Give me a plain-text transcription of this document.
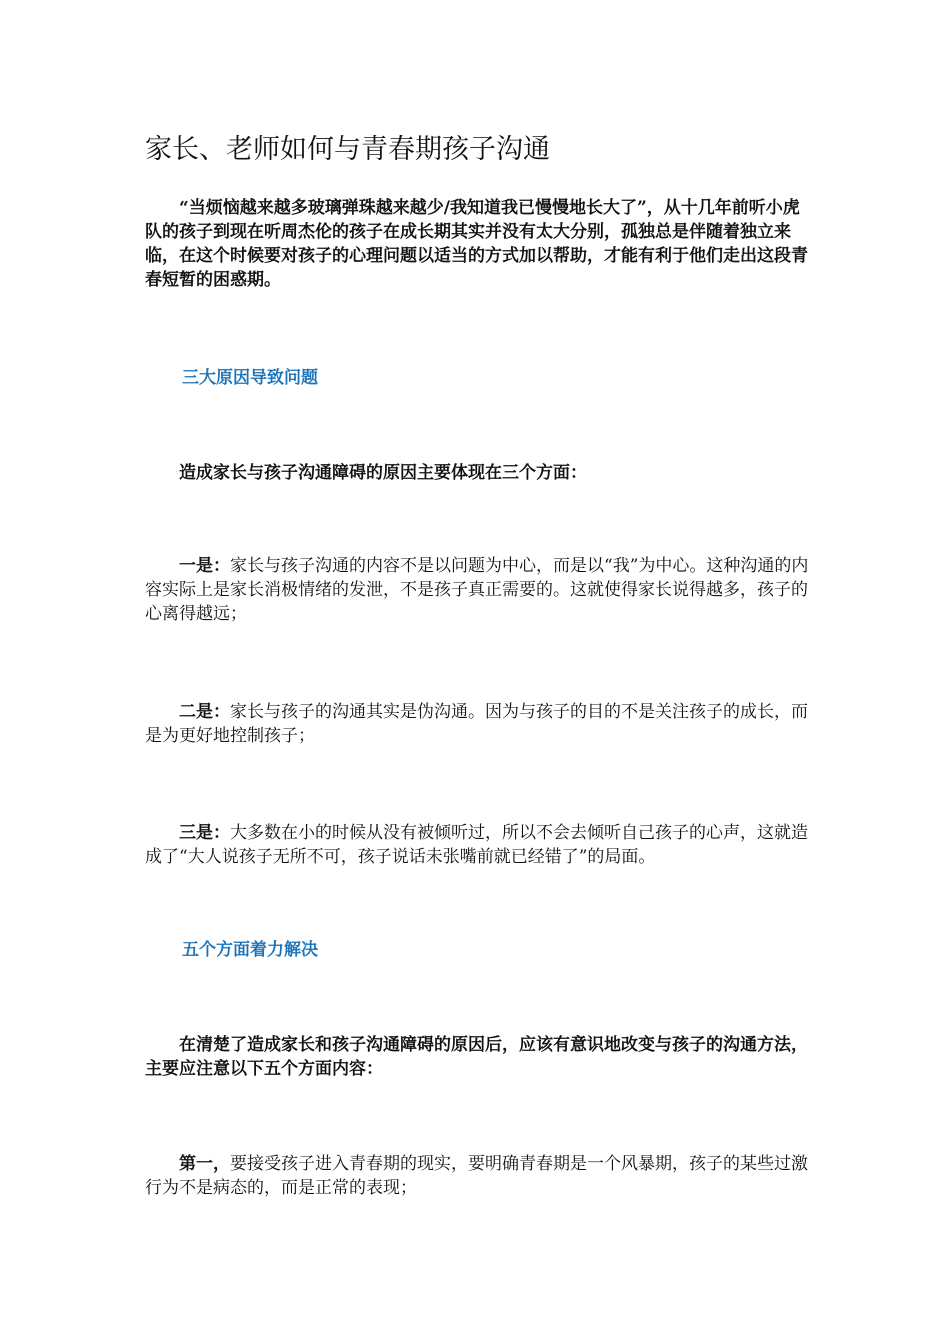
家长、老师如何与青春期孩子沟通

“当烦恼越来越多玻璃弹珠越来越少/我知道我已慢慢地长大了”，从十几年前听小虎队的孩子到现在听周杰伦的孩子在成长期其实并没有太大分别，孤独总是伴随着独立来临，在这个时候要对孩子的心理问题以适当的方式加以帮助，才能有利于他们走出这段青春短暂的困惑期。

三大原因导致问题

造成家长与孩子沟通障碍的原因主要体现在三个方面：

一是：家长与孩子沟通的内容不是以问题为中心，而是以“我”为中心。这种沟通的内容实际上是家长消极情绪的发泄，不是孩子真正需要的。这就使得家长说得越多，孩子的心离得越远；

二是：家长与孩子的沟通其实是伪沟通。因为与孩子的目的不是关注孩子的成长，而是为更好地控制孩子；

三是：大多数在小的时候从没有被倾听过，所以不会去倾听自己孩子的心声，这就造成了“大人说孩子无所不可，孩子说话未张嘴前就已经错了”的局面。

五个方面着力解决

在清楚了造成家长和孩子沟通障碍的原因后，应该有意识地改变与孩子的沟通方法，主要应注意以下五个方面内容：

第一，要接受孩子进入青春期的现实，要明确青春期是一个风暴期，孩子的某些过激行为不是病态的，而是正常的表现；
